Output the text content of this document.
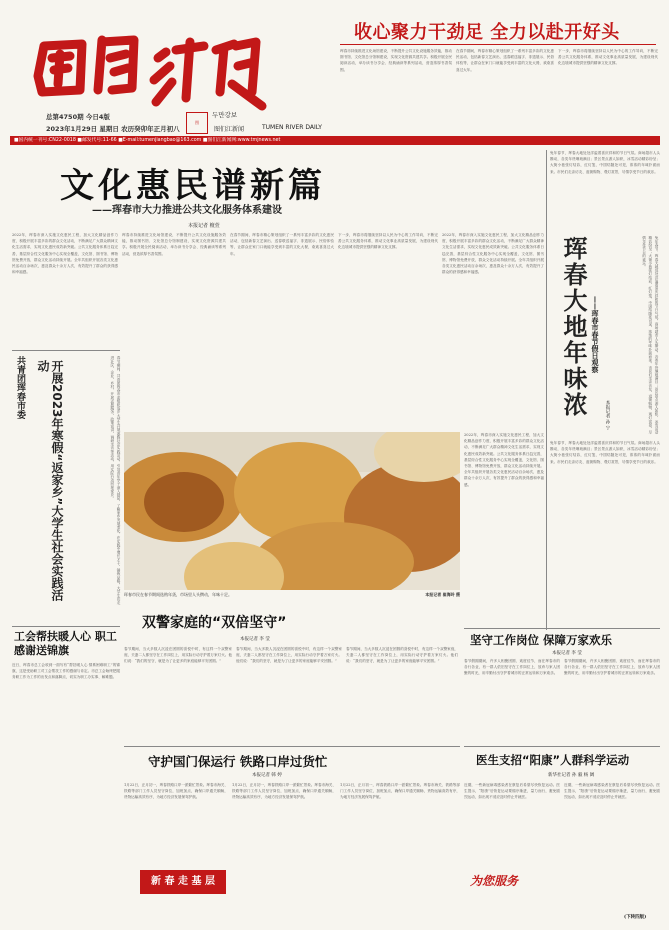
总第4750期 今日4版
2023年1月29日 星期日 农历癸卯年正月初八
두만강보
图们江新闻	TUMEN RIVER DAILY
图
收心聚力干劲足 全力以赴开好头
珲春市持续推进文化场馆建设，不断提升公共文化设施服务效能，推动图书馆、文化馆总分馆制建设，实现文化资源共建共享。积极开展全民阅读活动，举办读书分享会、经典诵读等系列活动，营造浓厚书香氛围。
在春节期间，珲春市精心策划组织了一系列丰富多彩的文化惠民活动，包括新春文艺演出、送春联送福字、非遗展示、民俗体验等，让群众在家门口就能享受到丰富的文化大餐，欢欢喜喜过大年。
下一步，珲春市将继续坚持以人民为中心的工作导向，不断完善公共文化服务体系，推动文化事业高质量发展，为建设现代化边境城市提供坚强的精神文化支撑。
■国内统一刊号:CN22-0018 ■邮发代号:11-66 ■E-mail:tumenjiangbao@163.com ■图们江新闻网:www.tmjnews.net
文化惠民谱新篇
——珲春市大力推进公共文化服务体系建设
本报记者 檀萱
2022年，珲春市深入实施文化惠民工程，加大文化精品创作力度，积极开展丰富多彩的群众文化活动，不断满足广大群众精神文化生活需求，实现文化惠民成效新突破。公共文化服务体系日趋完善，基层综合性文化服务中心实现全覆盖，文化馆、图书馆、博物馆免费开放，群众文化活动持续开展。全年共组织开展各类文化惠民活动百余场次，惠及群众十余万人次，有效提升了群众的获得感和幸福感。
珲春市持续推进文化场馆建设，不断提升公共文化设施服务效能，推动图书馆、文化馆总分馆制建设，实现文化资源共建共享。积极开展全民阅读活动，举办读书分享会、经典诵读等系列活动，营造浓厚书香氛围。
在春节期间，珲春市精心策划组织了一系列丰富多彩的文化惠民活动，包括新春文艺演出、送春联送福字、非遗展示、民俗体验等，让群众在家门口就能享受到丰富的文化大餐，欢欢喜喜过大年。
下一步，珲春市将继续坚持以人民为中心的工作导向，不断完善公共文化服务体系，推动文化事业高质量发展，为建设现代化边境城市提供坚强的精神文化支撑。
2022年，珲春市深入实施文化惠民工程，加大文化精品创作力度，积极开展丰富多彩的群众文化活动，不断满足广大群众精神文化生活需求，实现文化惠民成效新突破。公共文化服务体系日趋完善，基层综合性文化服务中心实现全覆盖，文化馆、图书馆、博物馆免费开放，群众文化活动持续开展。全年共组织开展各类文化惠民活动百余场次，惠及群众十余万人次，有效提升了群众的获得感和幸福感。
共青团珲春市委	开展2023年寒假“返家乡”大学生社会实践活动	春节期间，共青团珲春市委组织返乡大学生开展寒假社会实践活动，引导青年学子深入基层，了解家乡发展变化，在实践中增长才干、锤炼品格。大学生们走进社区、企业、乡村，开展志愿服务、政策宣讲、调研走访等活动，用实际行动回报家乡。
珲春市民在春节期间选购年货，市场里人头攒动，年味十足。	本报记者 崔海玲 摄
兔年春节，珲春大地处处洋溢着喜庆祥和的节日气氛。商场超市人头攒动，各类年货琳琅满目；景区景点游人如织，冰雪活动精彩纷呈；大街小巷张灯结彩，红灯笼、中国结随处可见，浓浓的年味扑面而来。市民们走亲访友、逛街购物、观灯赏景，尽情享受节日的欢乐。
珲春大地年味浓 ——珲春市春节假日观察
本报记者 孙 宁	兔年春节，珲春大地处处洋溢着喜庆祥和的节日气氛。商场超市人头攒动，各类年货琳琅满目；景区景点游人如织，冰雪活动精彩纷呈；大街小巷张灯结彩，红灯笼、中国结随处可见，浓浓的年味扑面而来。市民们走亲访友、逛街购物、观灯赏景，尽情享受节日的欢乐。
兔年春节，珲春大地处处洋溢着喜庆祥和的节日气氛。商场超市人头攒动，各类年货琳琅满目；景区景点游人如织，冰雪活动精彩纷呈；大街小巷张灯结彩，红灯笼、中国结随处可见，浓浓的年味扑面而来。市民们走亲访友、逛街购物、观灯赏景，尽情享受节日的欢乐。
2022年，珲春市深入实施文化惠民工程，加大文化精品创作力度，积极开展丰富多彩的群众文化活动，不断满足广大群众精神文化生活需求，实现文化惠民成效新突破。公共文化服务体系日趋完善，基层综合性文化服务中心实现全覆盖，文化馆、图书馆、博物馆免费开放，群众文化活动持续开展。全年共组织开展各类文化惠民活动百余场次，惠及群众十余万人次，有效提升了群众的获得感和幸福感。
双警家庭的“双倍坚守”
本报记者 李 莹
春节期间，当大多数人沉浸在团圆的喜悦中时，有这样一个双警家庭，夫妻二人都坚守在工作岗位上，用实际行动守护着万家灯火。他们说：“我们的坚守，就是为了让更多的家庭能够平安团圆。”
春节期间，当大多数人沉浸在团圆的喜悦中时，有这样一个双警家庭，夫妻二人都坚守在工作岗位上，用实际行动守护着万家灯火。他们说：“我们的坚守，就是为了让更多的家庭能够平安团圆。”
春节期间，当大多数人沉浸在团圆的喜悦中时，有这样一个双警家庭，夫妻二人都坚守在工作岗位上，用实际行动守护着万家灯火。他们说：“我们的坚守，就是为了让更多的家庭能够平安团圆。”
工会帮扶暖人心 职工感谢送锦旗
近日，珲春市总工会收到一面写有“帮扶暖人心 情系困难职工”的锦旗，这是受助职工对工会帮扶工作的感谢与肯定。市总工会始终把服务职工作为工作的出发点和落脚点，切实为职工办实事、解难题。
坚守工作岗位 保障万家欢乐
本报记者 李 莹
春节假期期间，许多人相聚团圆、欢度佳节，而在珲春市的各行各业，有一群人依旧坚守在工作岗位上，放弃与家人团聚的时光，用辛勤付出守护着城市的正常运转和万家欢乐。
春节假期期间，许多人相聚团圆、欢度佳节，而在珲春市的各行各业，有一群人依旧坚守在工作岗位上，放弃与家人团聚的时光，用辛勤付出守护着城市的正常运转和万家欢乐。
守护国门保运行 铁路口岸过货忙
本报记者 韩 婷
1月22日，正月初一，珲春铁路口岸一派繁忙景象。珲春市海关、铁路等部门工作人员坚守岗位，加班加点，确保口岸通关顺畅，货物运输高效有序，为地方经济发展保驾护航。
1月22日，正月初一，珲春铁路口岸一派繁忙景象。珲春市海关、铁路等部门工作人员坚守岗位，加班加点，确保口岸通关顺畅，货物运输高效有序，为地方经济发展保驾护航。
1月22日，正月初一，珲春铁路口岸一派繁忙景象。珲春市海关、铁路等部门工作人员坚守岗位，加班加点，确保口岸通关顺畅，货物运输高效有序，为地方经济发展保驾护航。
新 春 走 基 层
医生支招“阳康”人群科学运动
新华社记者 孙 毅 杨 阔
近期，一些新冠病毒感染者在康复后希望尽快恢复运动。医生提示，“阳康”后恢复运动要循序渐进，量力而行，避免剧烈运动，如出现不适应及时停止并就医。
近期，一些新冠病毒感染者在康复后希望尽快恢复运动。医生提示，“阳康”后恢复运动要循序渐进，量力而行，避免剧烈运动，如出现不适应及时停止并就医。
为您服务
(下转四版)
